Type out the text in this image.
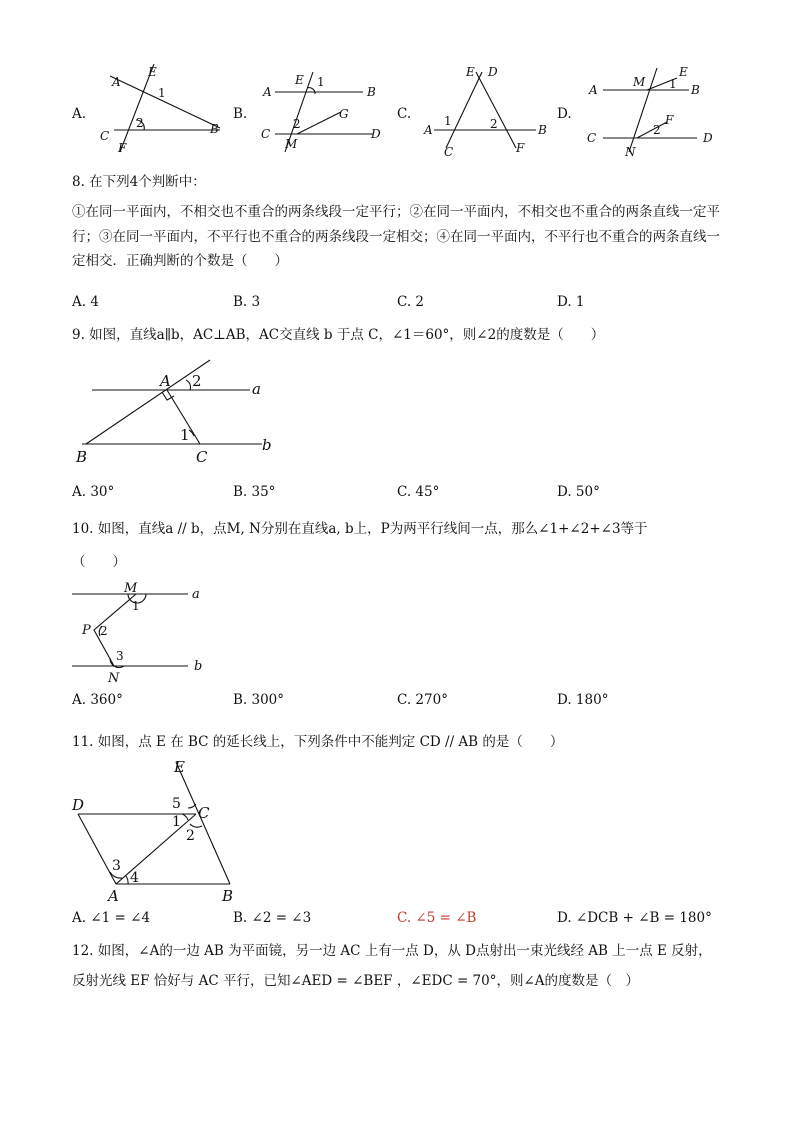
A.
A
E
1
2
C
F
B
B.
E 1
A	B
G
2
C
M
D
C.
E D
1	2
A	B
C	F
D.
M
E
A	1 B
F
2
C	D
N
8. 在下列4个判断中：
①在同一平面内，不相交也不重合的两条线段一定平行；②在同一平面内，不相交也不重合的两条直线一定平行；③在同一平面内，不平行也不重合的两条线段一定相交；④在同一平面内，不平行也不重合的两条直线一定相交．正确判断的个数是（　　）
A. 4	B. 3	C. 2	D. 1
9. 如图，直线a∥b，AC⊥AB，AC交直线 b 于点 C，∠1＝60°，则∠2的度数是（　　）
A 2	a
1
B	C
b
A. 30°	B. 35°	C. 45°	D. 50°
10. 如图，直线a // b，点M, N分别在直线a, b上，P为两平行线间一点，那么∠1+∠2+∠3等于
（　　）
M	a
1
P 2
3
b
N
A. 360°	B. 300°	C. 270°	D. 180°
11. 如图，点 E 在 BC 的延长线上，下列条件中不能判定 CD // AB 的是（　　）
E
D	5 C
1
2
3
4
A	B
A. ∠1 = ∠4	B. ∠2 = ∠3	C. ∠5 = ∠B	D. ∠DCB + ∠B = 180°
12. 如图，∠A的一边 AB 为平面镜，另一边 AC 上有一点 D，从 D点射出一束光线经 AB 上一点 E 反射，
反射光线 EF 恰好与 AC 平行，已知∠AED = ∠BEF ，∠EDC = 70°，则∠A的度数是（　）
